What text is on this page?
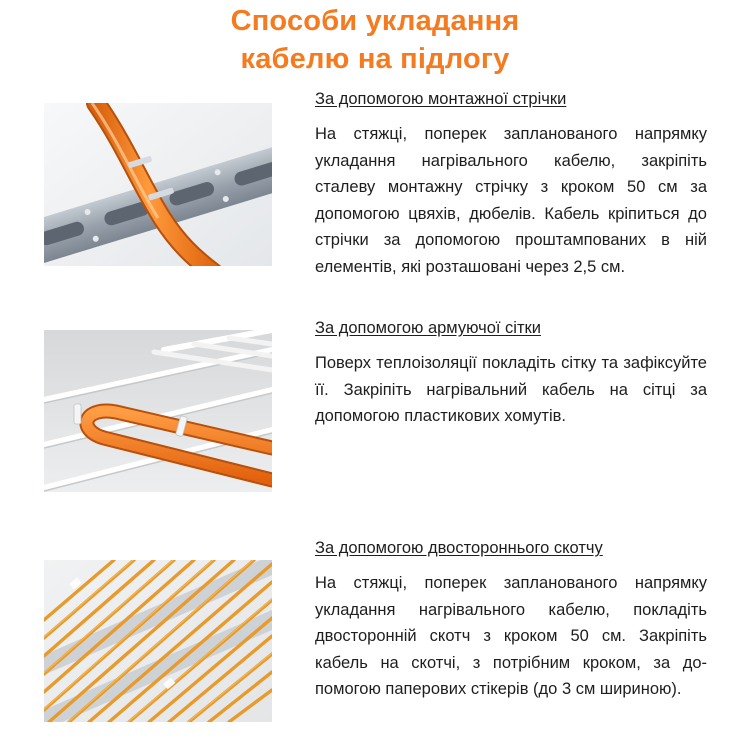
Способи укладання
кабелю на підлогу

За допомогою монтажної стрічки

На стяжці, поперек запланованого напрямку укладання нагрівального кабелю, закріпіть сталеву монтажну стрічку з кроком 50 см за допомогою цвяхів, дюбелів. Кабель кріпиться до стрічки за допомогою проштампованих в ній елементів, які розташовані через 2,5 см.

За допомогою армуючої сітки

Поверх теплоізоляції покладіть сітку та зафіксуйте її. Закріпіть нагрівальний кабель на сітці за допомогою пластикових хомутів.

За допомогою двостороннього скотчу

На стяжці, поперек запланованого напрямку укладання нагрівального кабелю, покладіть двосторонній скотч з кроком 50 см. Закріпіть кабель на скотчі, з потрібним кроком, за допомогою паперових стікерів (до 3 см шириною).
